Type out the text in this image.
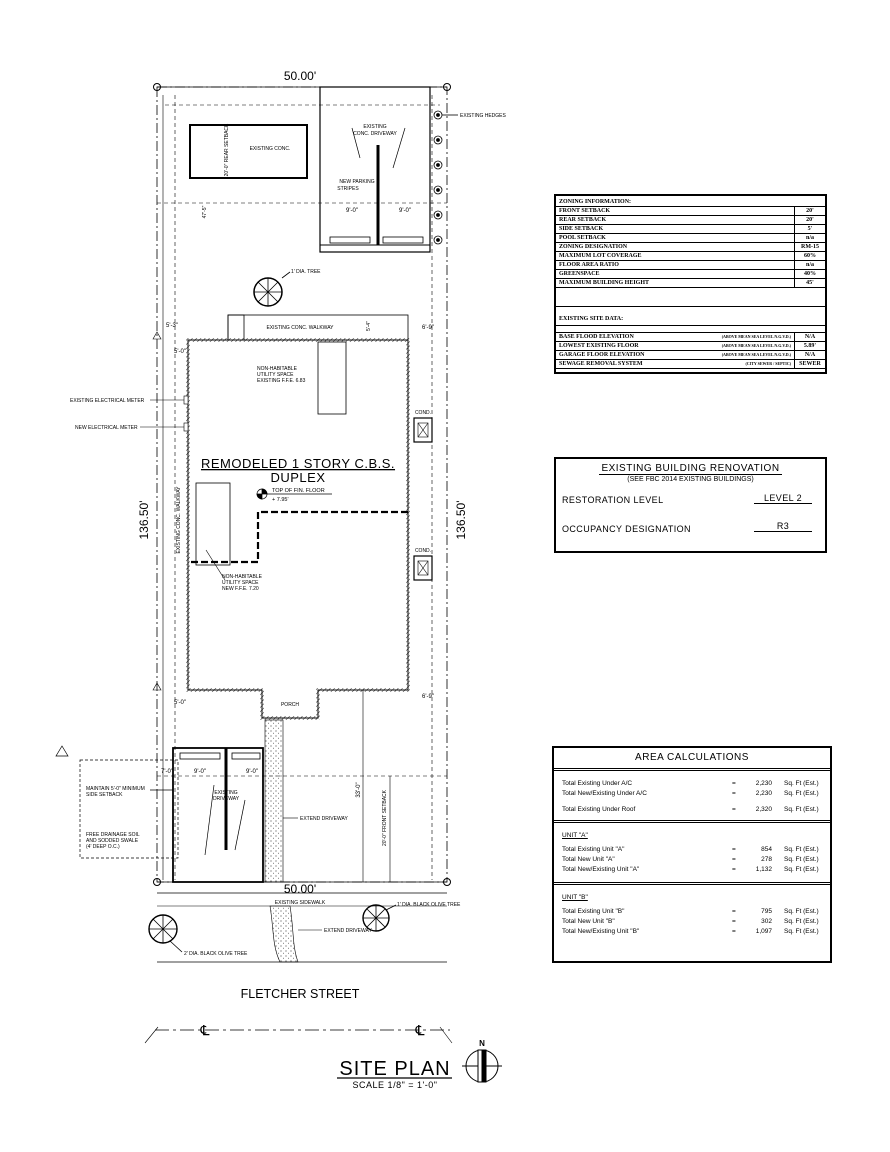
50.00'
50.00'
136.50'	136.50'
EXISTING CONC.
20'-0" REAR SETBACK
47'-5"
EXISTING
CONC. DRIVEWAY
NEW PARKING
STRIPES
9'-0"	9'-0"
EXISTING HEDGES
1' DIA. TREE
EXISTING CONC. WALKWAY	5'-4"
5'-3"	6'-9"
5'-0"
NON-HABITABLE
UTILITY SPACE
EXISTING F.F.E. 6.83
EXISTING ELECTRICAL METER
NEW ELECTRICAL METER
COND.
COND.
EXISTING CONC. WALKWAY
NON-HABITABLE
UTILITY SPACE
NEW F.F.E. 7.20
REMODELED 1 STORY C.B.S.
DUPLEX
TOP OF FIN. FLOOR
+ 7.95'
6'-9"
5'-0"	PORCH
7'-0"	9'-0"	9'-0"
EXISTING
DRIVEWAY
EXTEND DRIVEWAY
33'-0"
20'-0" FRONT SETBACK
MAINTAIN 5'-0" MINIMUM
SIDE SETBACK
FREE DRAINAGE SOIL
AND SODDED SWALE
(4' DEEP O.C.)
EXISTING SIDEWALK
EXTEND DRIVEWAY
1' DIA. BLACK OLIVE TREE
2' DIA. BLACK OLIVE TREE
FLETCHER STREET
℄	℄
SITE PLAN
SCALE 1/8" = 1'-0"
N
ZONING INFORMATION:
FRONT SETBACK	20'
REAR SETBACK	20'
SIDE SETBACK	5'
POOL SETBACK	n/a
ZONING DESIGNATION	RM-15
MAXIMUM LOT COVERAGE	60%
FLOOR AREA RATIO	n/a
GREENSPACE	40%
MAXIMUM BUILDING HEIGHT	45'
EXISTING SITE DATA:
BASE FLOOD ELEVATION	(ABOVE MEAN SEA LEVEL N.G.V.D.)	N/A
LOWEST EXISTING FLOOR	(ABOVE MEAN SEA LEVEL N.G.V.D.)	5.89'
GARAGE FLOOR ELEVATION	(ABOVE MEAN SEA LEVEL N.G.V.D.)	N/A
SEWAGE REMOVAL SYSTEM	(CITY SEWER / SEPTIC)	SEWER
EXISTING BUILDING RENOVATION
(SEE FBC 2014 EXISTING BUILDINGS)
RESTORATION LEVEL	LEVEL 2
OCCUPANCY DESIGNATION	R3
AREA CALCULATIONS
Total Existing Under A/C	=	2,230 Sq. Ft (Est.)
Total New/Existing Under A/C	=	2,230 Sq. Ft (Est.)
Total Existing Under Roof	=	2,320 Sq. Ft (Est.)
UNIT "A"
Total Existing Unit "A"	=	854 Sq. Ft (Est.)
Total New Unit "A"	=	278 Sq. Ft (Est.)
Total New/Existing Unit "A"	=	1,132 Sq. Ft (Est.)
UNIT "B"
Total Existing Unit "B"	=	795 Sq. Ft (Est.)
Total New Unit "B"	=	302 Sq. Ft (Est.)
Total New/Existing Unit "B"	=	1,097 Sq. Ft (Est.)
